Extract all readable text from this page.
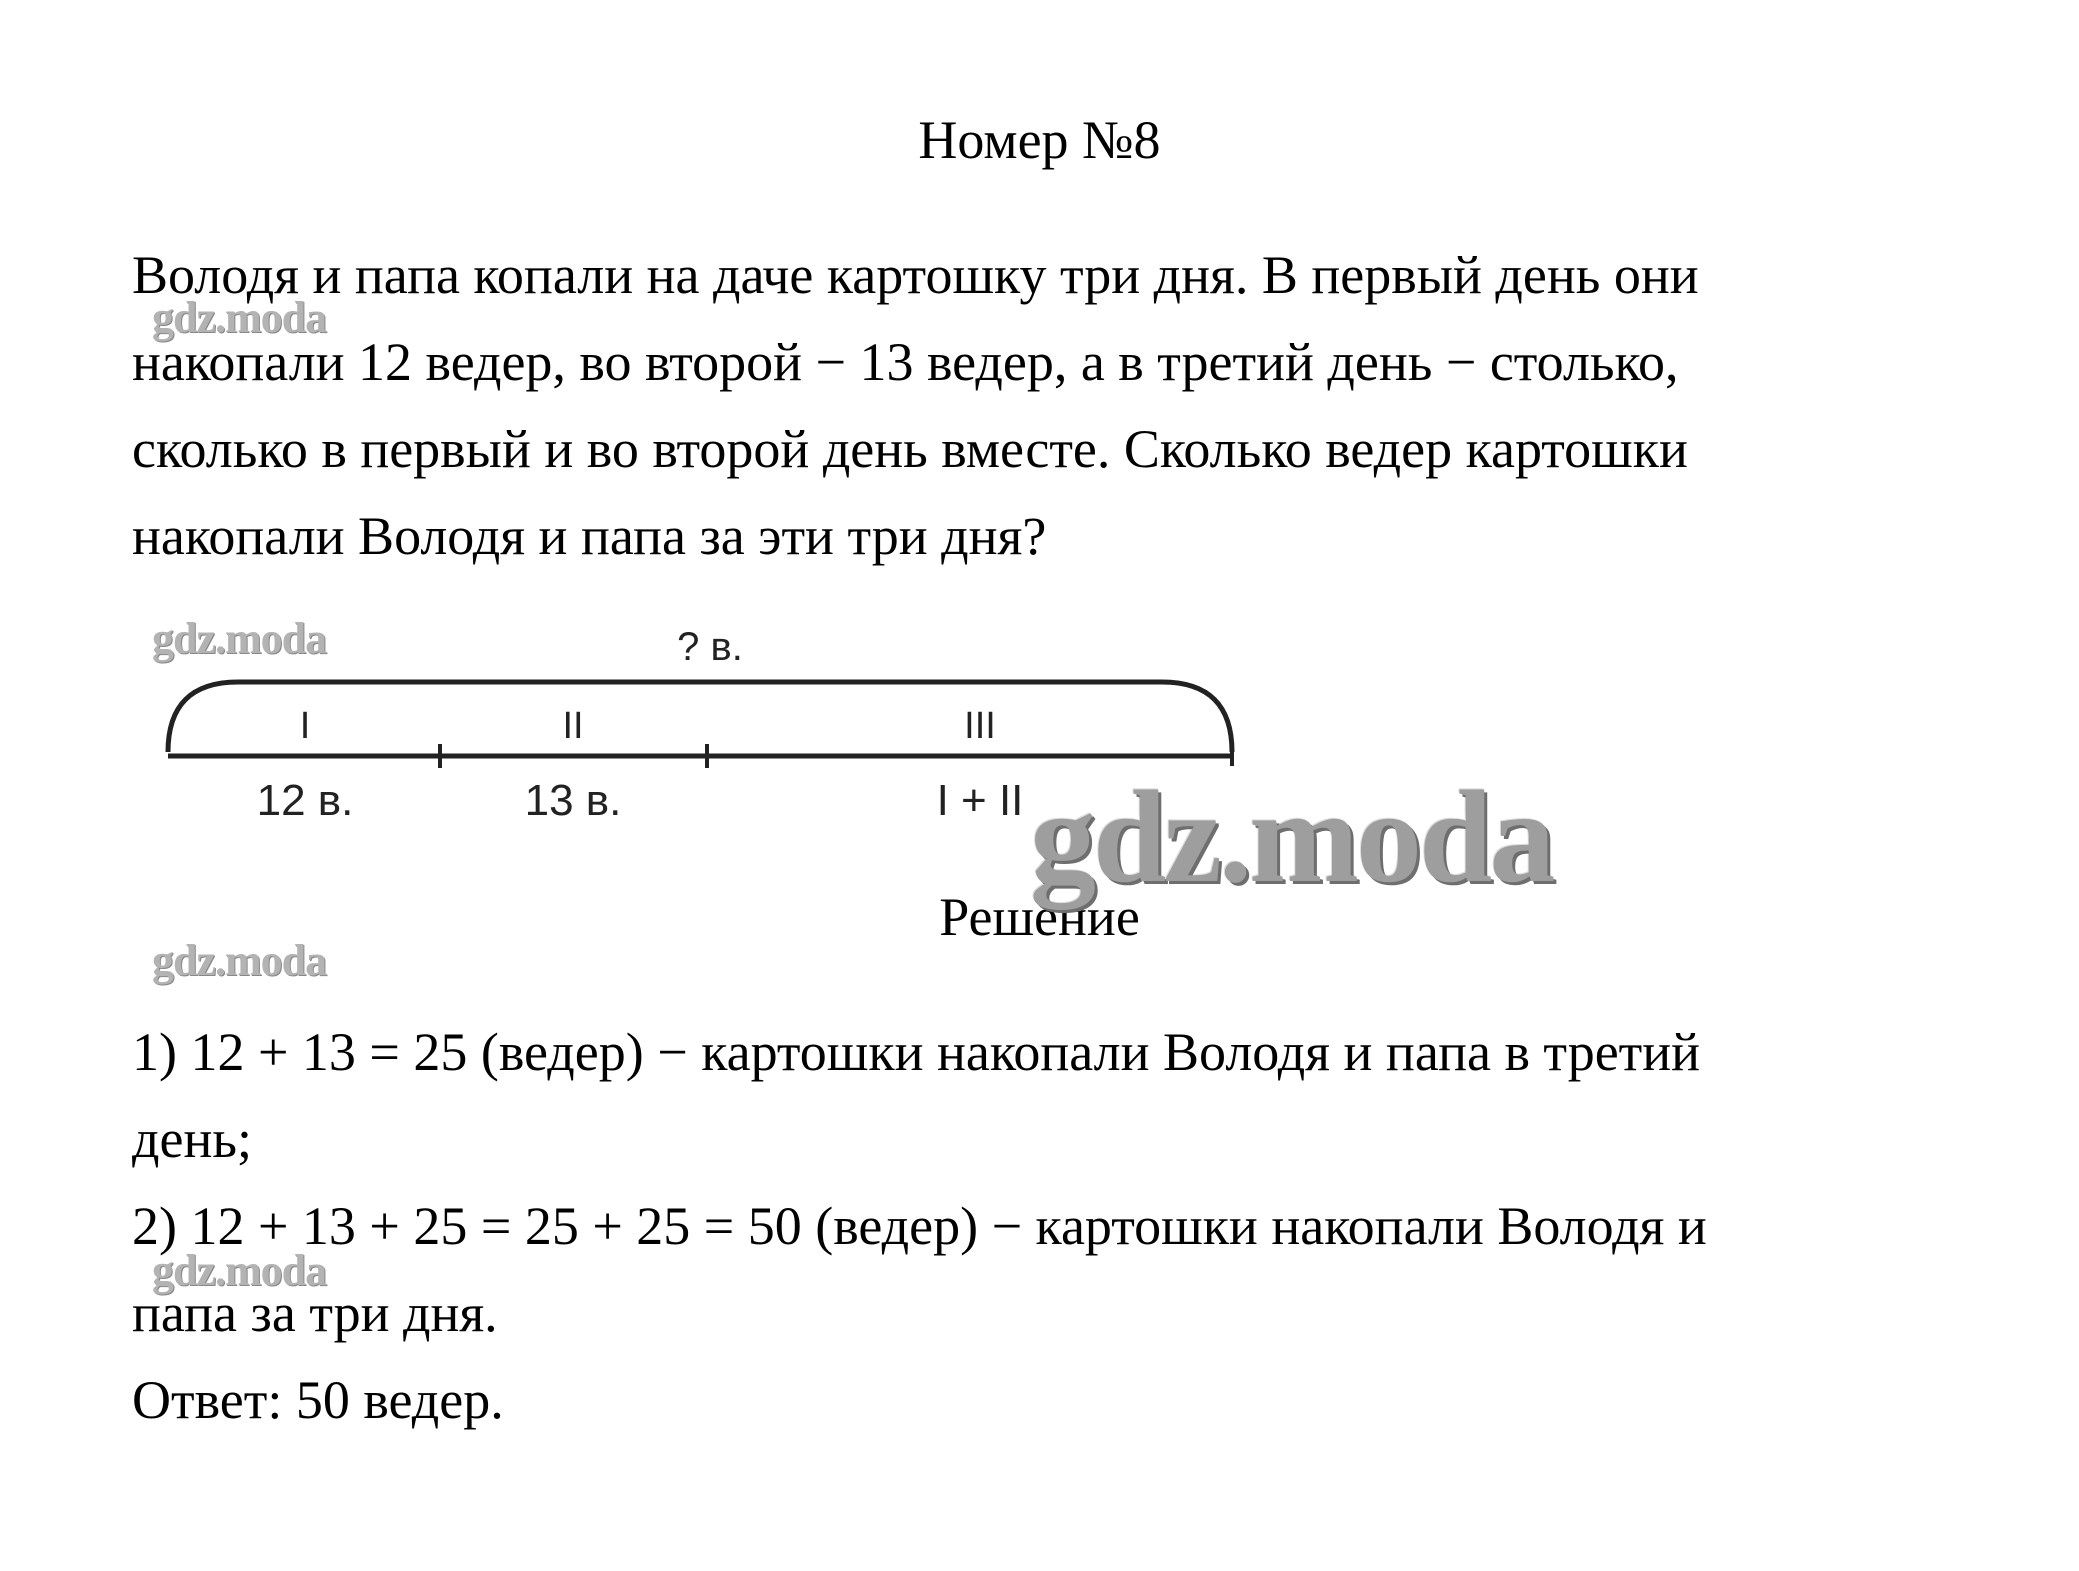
Номер №8
Володя и папа копали на даче картошку три дня. В первый день они
накопали 12 ведер, во второй − 13 ведер, а в третий день − столько,
сколько в первый и во второй день вместе. Сколько ведер картошки
накопали Володя и папа за эти три дня?
? в.
I	II	III
12 в.	13 в.	I + II
Решение
1) 12 + 13 = 25 (ведер) − картошки накопали Володя и папа в третий
день;
2) 12 + 13 + 25 = 25 + 25 = 50 (ведер) − картошки накопали Володя и
папа за три дня.
Ответ: 50 ведер.
gdz.moda
gdz.moda
gdz.moda
gdz.moda
gdz.moda
